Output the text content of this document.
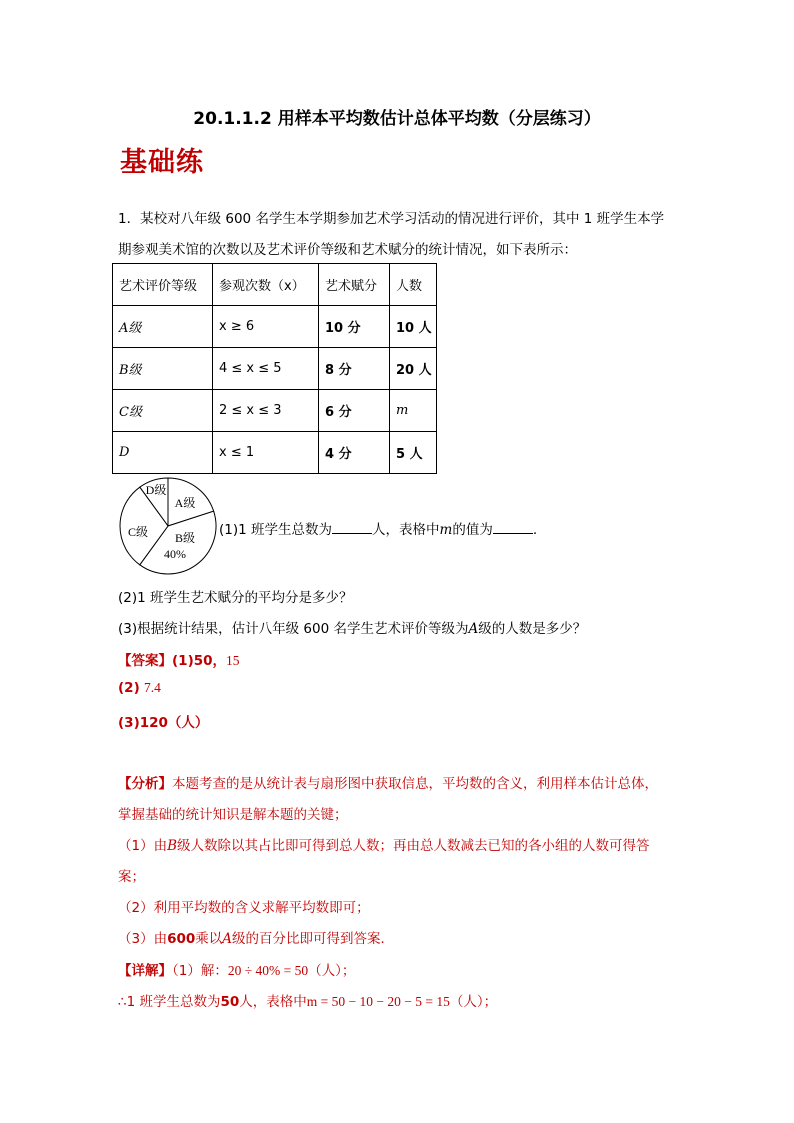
20.1.1.2 用样本平均数估计总体平均数（分层练习）
基础练
1．某校对八年级 600 名学生本学期参加艺术学习活动的情况进行评价，其中 1 班学生本学
期参观美术馆的次数以及艺术评价等级和艺术赋分的统计情况，如下表所示：
艺术评价等级	参观次数（x）	艺术赋分	人数
A级	x ≥ 6	10 分	10 人
B级	4 ≤ x ≤ 5	8 分	20 人
C级	2 ≤ x ≤ 3	6 分	m
D	x ≤ 1	4 分	5 人
D级
A级
C级 B级
40%
(1)1 班学生总数为	人，表格中m的值为	.
(2)1 班学生艺术赋分的平均分是多少？
(3)根据统计结果，估计八年级 600 名学生艺术评价等级为A级的人数是多少？
【答案】(1)50，15
(2) 7.4
(3)120（人）
【分析】本题考查的是从统计表与扇形图中获取信息，平均数的含义，利用样本估计总体，
掌握基础的统计知识是解本题的关键；
（1）由B级人数除以其占比即可得到总人数；再由总人数减去已知的各小组的人数可得答
案；
（2）利用平均数的含义求解平均数即可；
（3）由600乘以A级的百分比即可得到答案．
【详解】（1）解：20 ÷ 40% = 50（人）；
∴1 班学生总数为50人，表格中m = 50 − 10 − 20 − 5 = 15（人）；
